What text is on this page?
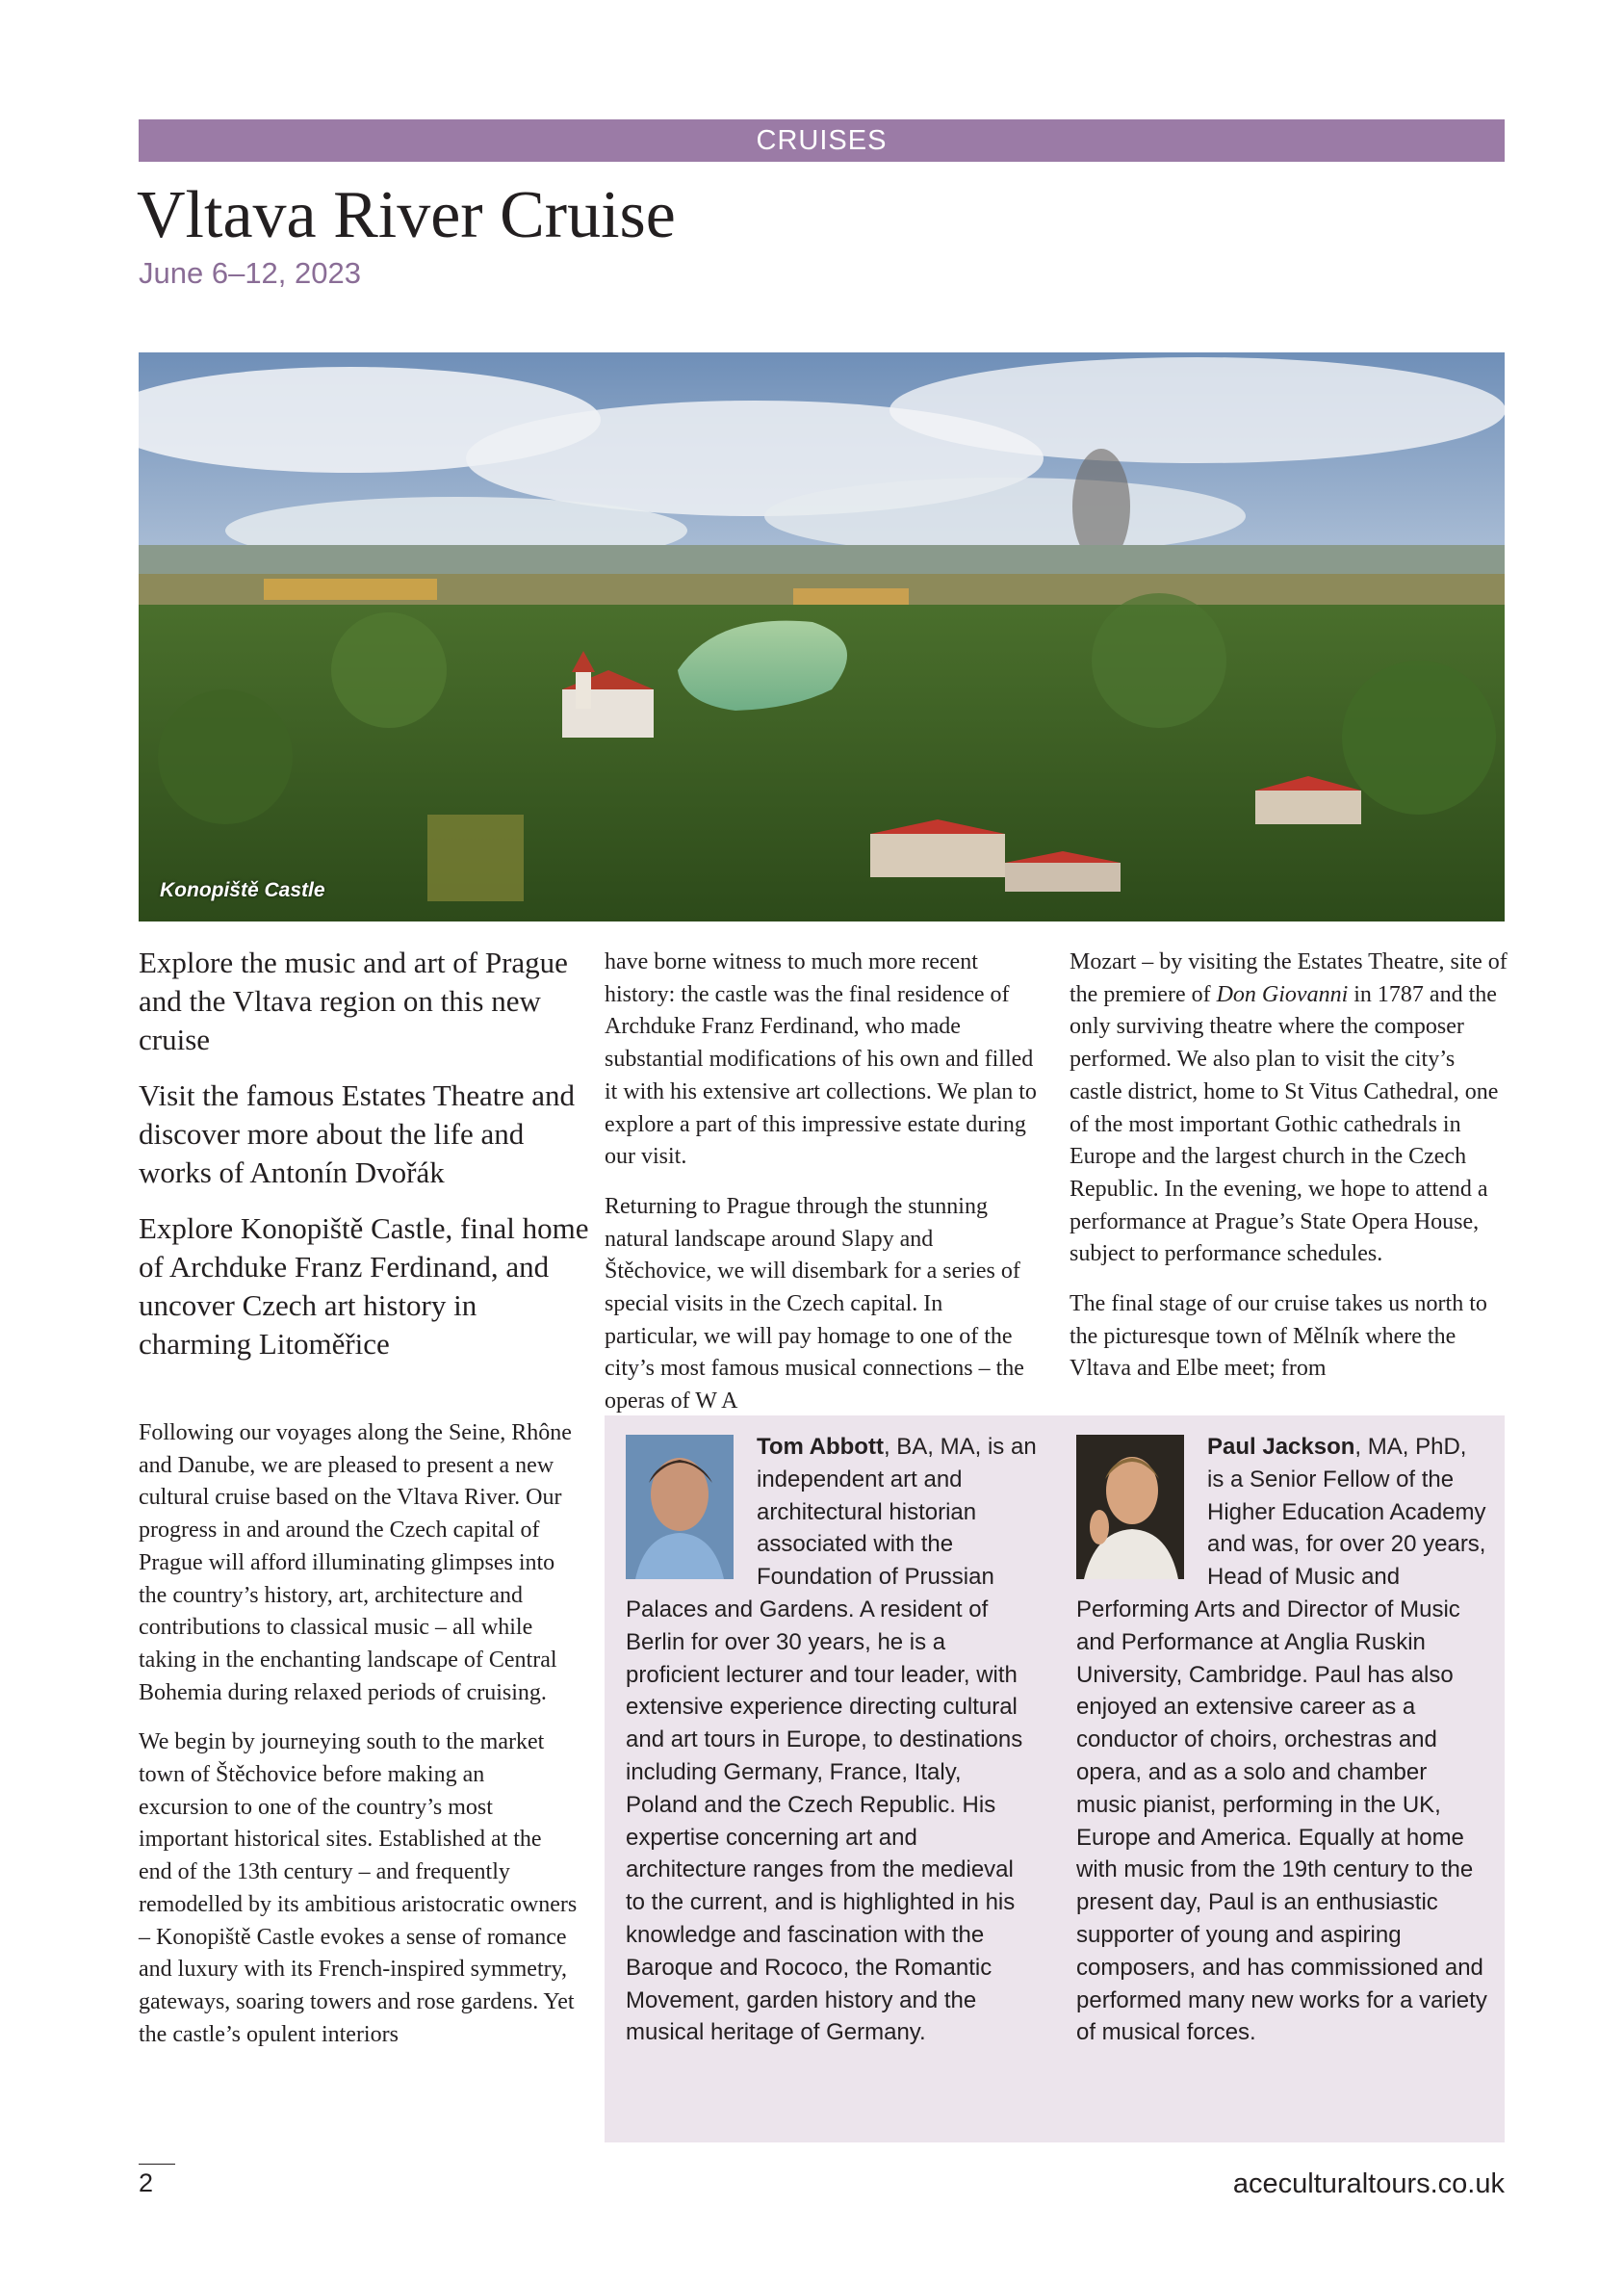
CRUISES
Vltava River Cruise
June 6–12, 2023
Konopiště Castle

Explore the music and art of Prague and the Vltava region on this new cruise

Visit the famous Estates Theatre and discover more about the life and works of Antonín Dvořák

Explore Konopiště Castle, final home of Archduke Franz Ferdinand, and uncover Czech art history in charming Litoměřice

Following our voyages along the Seine, Rhône and Danube, we are pleased to present a new cultural cruise based on the Vltava River. Our progress in and around the Czech capital of Prague will afford illuminating glimpses into the country’s history, art, architecture and contributions to classical music – all while taking in the enchanting landscape of Central Bohemia during relaxed periods of cruising.

We begin by journeying south to the market town of Štěchovice before making an excursion to one of the country’s most important historical sites. Established at the end of the 13th century – and frequently remodelled by its ambitious aristocratic owners – Konopiště Castle evokes a sense of romance and luxury with its French-inspired symmetry, gateways, soaring towers and rose gardens. Yet the castle’s opulent interiors

have borne witness to much more recent history: the castle was the final residence of Archduke Franz Ferdinand, who made substantial modifications of his own and filled it with his extensive art collections. We plan to explore a part of this impressive estate during our visit.

Returning to Prague through the stunning natural landscape around Slapy and Štěchovice, we will disembark for a series of special visits in the Czech capital. In particular, we will pay homage to one of the city’s most famous musical connections – the operas of W A

Mozart – by visiting the Estates Theatre, site of the premiere of Don Giovanni in 1787 and the only surviving theatre where the composer performed. We also plan to visit the city’s castle district, home to St Vitus Cathedral, one of the most important Gothic cathedrals in Europe and the largest church in the Czech Republic. In the evening, we hope to attend a performance at Prague’s State Opera House, subject to performance schedules.

The final stage of our cruise takes us north to the picturesque town of Mělník where the Vltava and Elbe meet; from

Tom Abbott, BA, MA, is an independent art and architectural historian associated with the Foundation of Prussian Palaces and Gardens. A resident of Berlin for over 30 years, he is a proficient lecturer and tour leader, with extensive experience directing cultural and art tours in Europe, to destinations including Germany, France, Italy, Poland and the Czech Republic. His expertise concerning art and architecture ranges from the medieval to the current, and is highlighted in his knowledge and fascination with the Baroque and Rococo, the Romantic Movement, garden history and the musical heritage of Germany.
Paul Jackson, MA, PhD, is a Senior Fellow of the Higher Education Academy and was, for over 20 years, Head of Music and Performing Arts and Director of Music and Performance at Anglia Ruskin University, Cambridge. Paul has also enjoyed an extensive career as a conductor of choirs, orchestras and opera, and as a solo and chamber music pianist, performing in the UK, Europe and America. Equally at home with music from the 19th century to the present day, Paul is an enthusiastic supporter of young and aspiring composers, and has commissioned and performed many new works for a variety of musical forces.
2	aceculturaltours.co.uk
